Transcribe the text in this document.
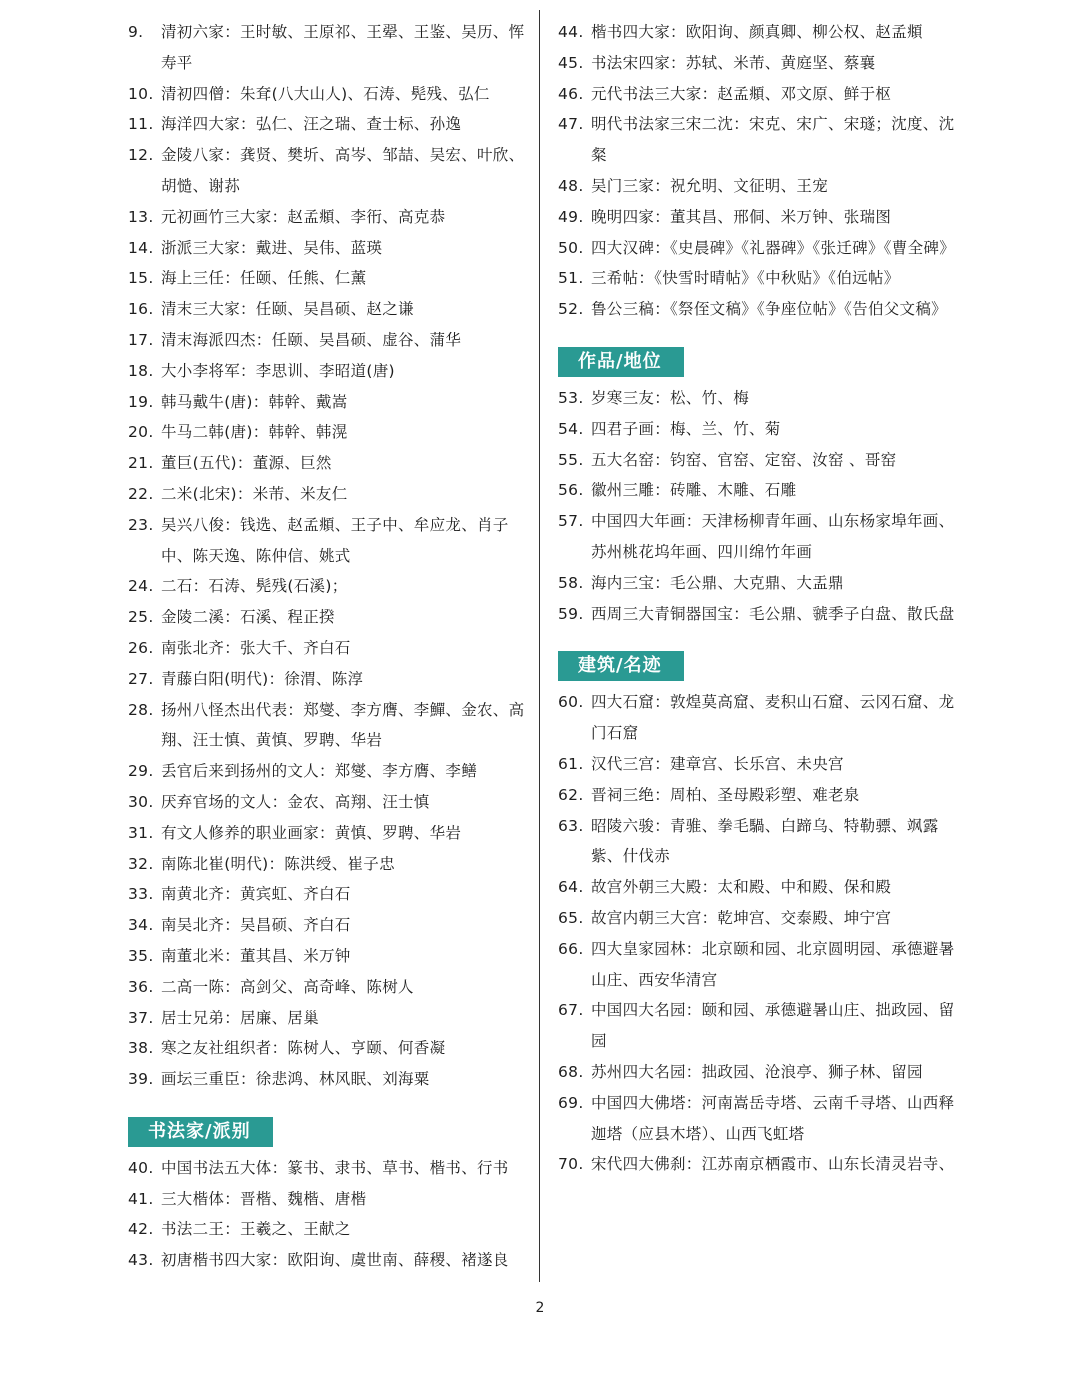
9.	清初六家：王时敏、王原祁、王翚、王鉴、吴历、恽寿平
10. 清初四僧：朱耷(八大山人)、石涛、髡残、弘仁
11. 海洋四大家：弘仁、汪之瑞、查士标、孙逸
12. 金陵八家：龚贤、樊圻、高岑、邹喆、吴宏、叶欣、胡慥、谢荪
13. 元初画竹三大家：赵孟頫、李衎、高克恭
14. 浙派三大家：戴进、吴伟、蓝瑛
15. 海上三任：任颐、任熊、仁薰
16. 清末三大家：任颐、吴昌硕、赵之谦
17. 清末海派四杰：任颐、吴昌硕、虚谷、蒲华
18. 大小李将军：李思训、李昭道(唐)
19. 韩马戴牛(唐)：韩幹、戴嵩
20. 牛马二韩(唐)：韩幹、韩滉
21. 董巨(五代)：董源、巨然
22. 二米(北宋)：米芾、米友仁
23. 吴兴八俊：钱选、赵孟頫、王子中、牟应龙、肖子中、陈天逸、陈仲信、姚式
24. 二石：石涛、髡残(石溪)；
25. 金陵二溪：石溪、程正揆
26. 南张北齐：张大千、齐白石
27. 青藤白阳(明代)：徐渭、陈淳
28. 扬州八怪杰出代表：郑燮、李方膺、李鱓、金农、高翔、汪士慎、黄慎、罗聘、华岩
29. 丢官后来到扬州的文人：郑燮、李方膺、李鳝
30. 厌弃官场的文人：金农、高翔、汪士慎
31. 有文人修养的职业画家：黄慎、罗聘、华岩
32. 南陈北崔(明代)：陈洪绶、崔子忠
33. 南黄北齐：黄宾虹、齐白石
34. 南吴北齐：吴昌硕、齐白石
35. 南董北米：董其昌、米万钟
36. 二高一陈：高剑父、高奇峰、陈树人
37. 居士兄弟：居廉、居巢
38. 寒之友社组织者：陈树人、亨颐、何香凝
39. 画坛三重臣：徐悲鸿、林风眠、刘海粟
书法家/派别
40. 中国书法五大体：篆书、隶书、草书、楷书、行书
41. 三大楷体：晋楷、魏楷、唐楷
42. 书法二王：王羲之、王献之
43. 初唐楷书四大家：欧阳询、虞世南、薛稷、褚遂良
44. 楷书四大家：欧阳询、颜真卿、柳公权、赵孟頫
45. 书法宋四家：苏轼、米芾、黄庭坚、蔡襄
46. 元代书法三大家：赵孟頫、邓文原、鲜于枢
47. 明代书法家三宋二沈：宋克、宋广、宋璲；沈度、沈粲
48. 吴门三家：祝允明、文征明、王宠
49. 晚明四家：董其昌、邢侗、米万钟、张瑞图
50. 四大汉碑：《史晨碑》《礼器碑》《张迁碑》《曹全碑》
51. 三希帖：《快雪时晴帖》《中秋贴》《伯远帖》
52. 鲁公三稿：《祭侄文稿》《争座位帖》《告伯父文稿》
作品/地位
53. 岁寒三友：松、竹、梅
54. 四君子画：梅、兰、竹、菊
55. 五大名窑：钧窑、官窑、定窑、汝窑 、哥窑
56. 徽州三雕：砖雕、木雕、石雕
57. 中国四大年画：天津杨柳青年画、山东杨家埠年画、苏州桃花坞年画、四川绵竹年画
58. 海内三宝：毛公鼎、大克鼎、大盂鼎
59. 西周三大青铜器国宝：毛公鼎、虢季子白盘、散氏盘
建筑/名迹
60. 四大石窟：敦煌莫高窟、麦积山石窟、云冈石窟、龙门石窟
61. 汉代三宫：建章宫、长乐宫、未央宫
62. 晋祠三绝：周柏、圣母殿彩塑、难老泉
63. 昭陵六骏：青骓、拳毛騧、白蹄乌、特勒骠、飒露紫、什伐赤
64. 故宫外朝三大殿：太和殿、中和殿、保和殿
65. 故宫内朝三大宫：乾坤宫、交泰殿、坤宁宫
66. 四大皇家园林：北京颐和园、北京圆明园、承德避暑山庄、西安华清宫
67. 中国四大名园：颐和园、承德避暑山庄、拙政园、留园
68. 苏州四大名园：拙政园、沧浪亭、狮子林、留园
69. 中国四大佛塔：河南嵩岳寺塔、云南千寻塔、山西释迦塔（应县木塔）、山西飞虹塔
70. 宋代四大佛刹：江苏南京栖霞市、山东长清灵岩寺、
2
